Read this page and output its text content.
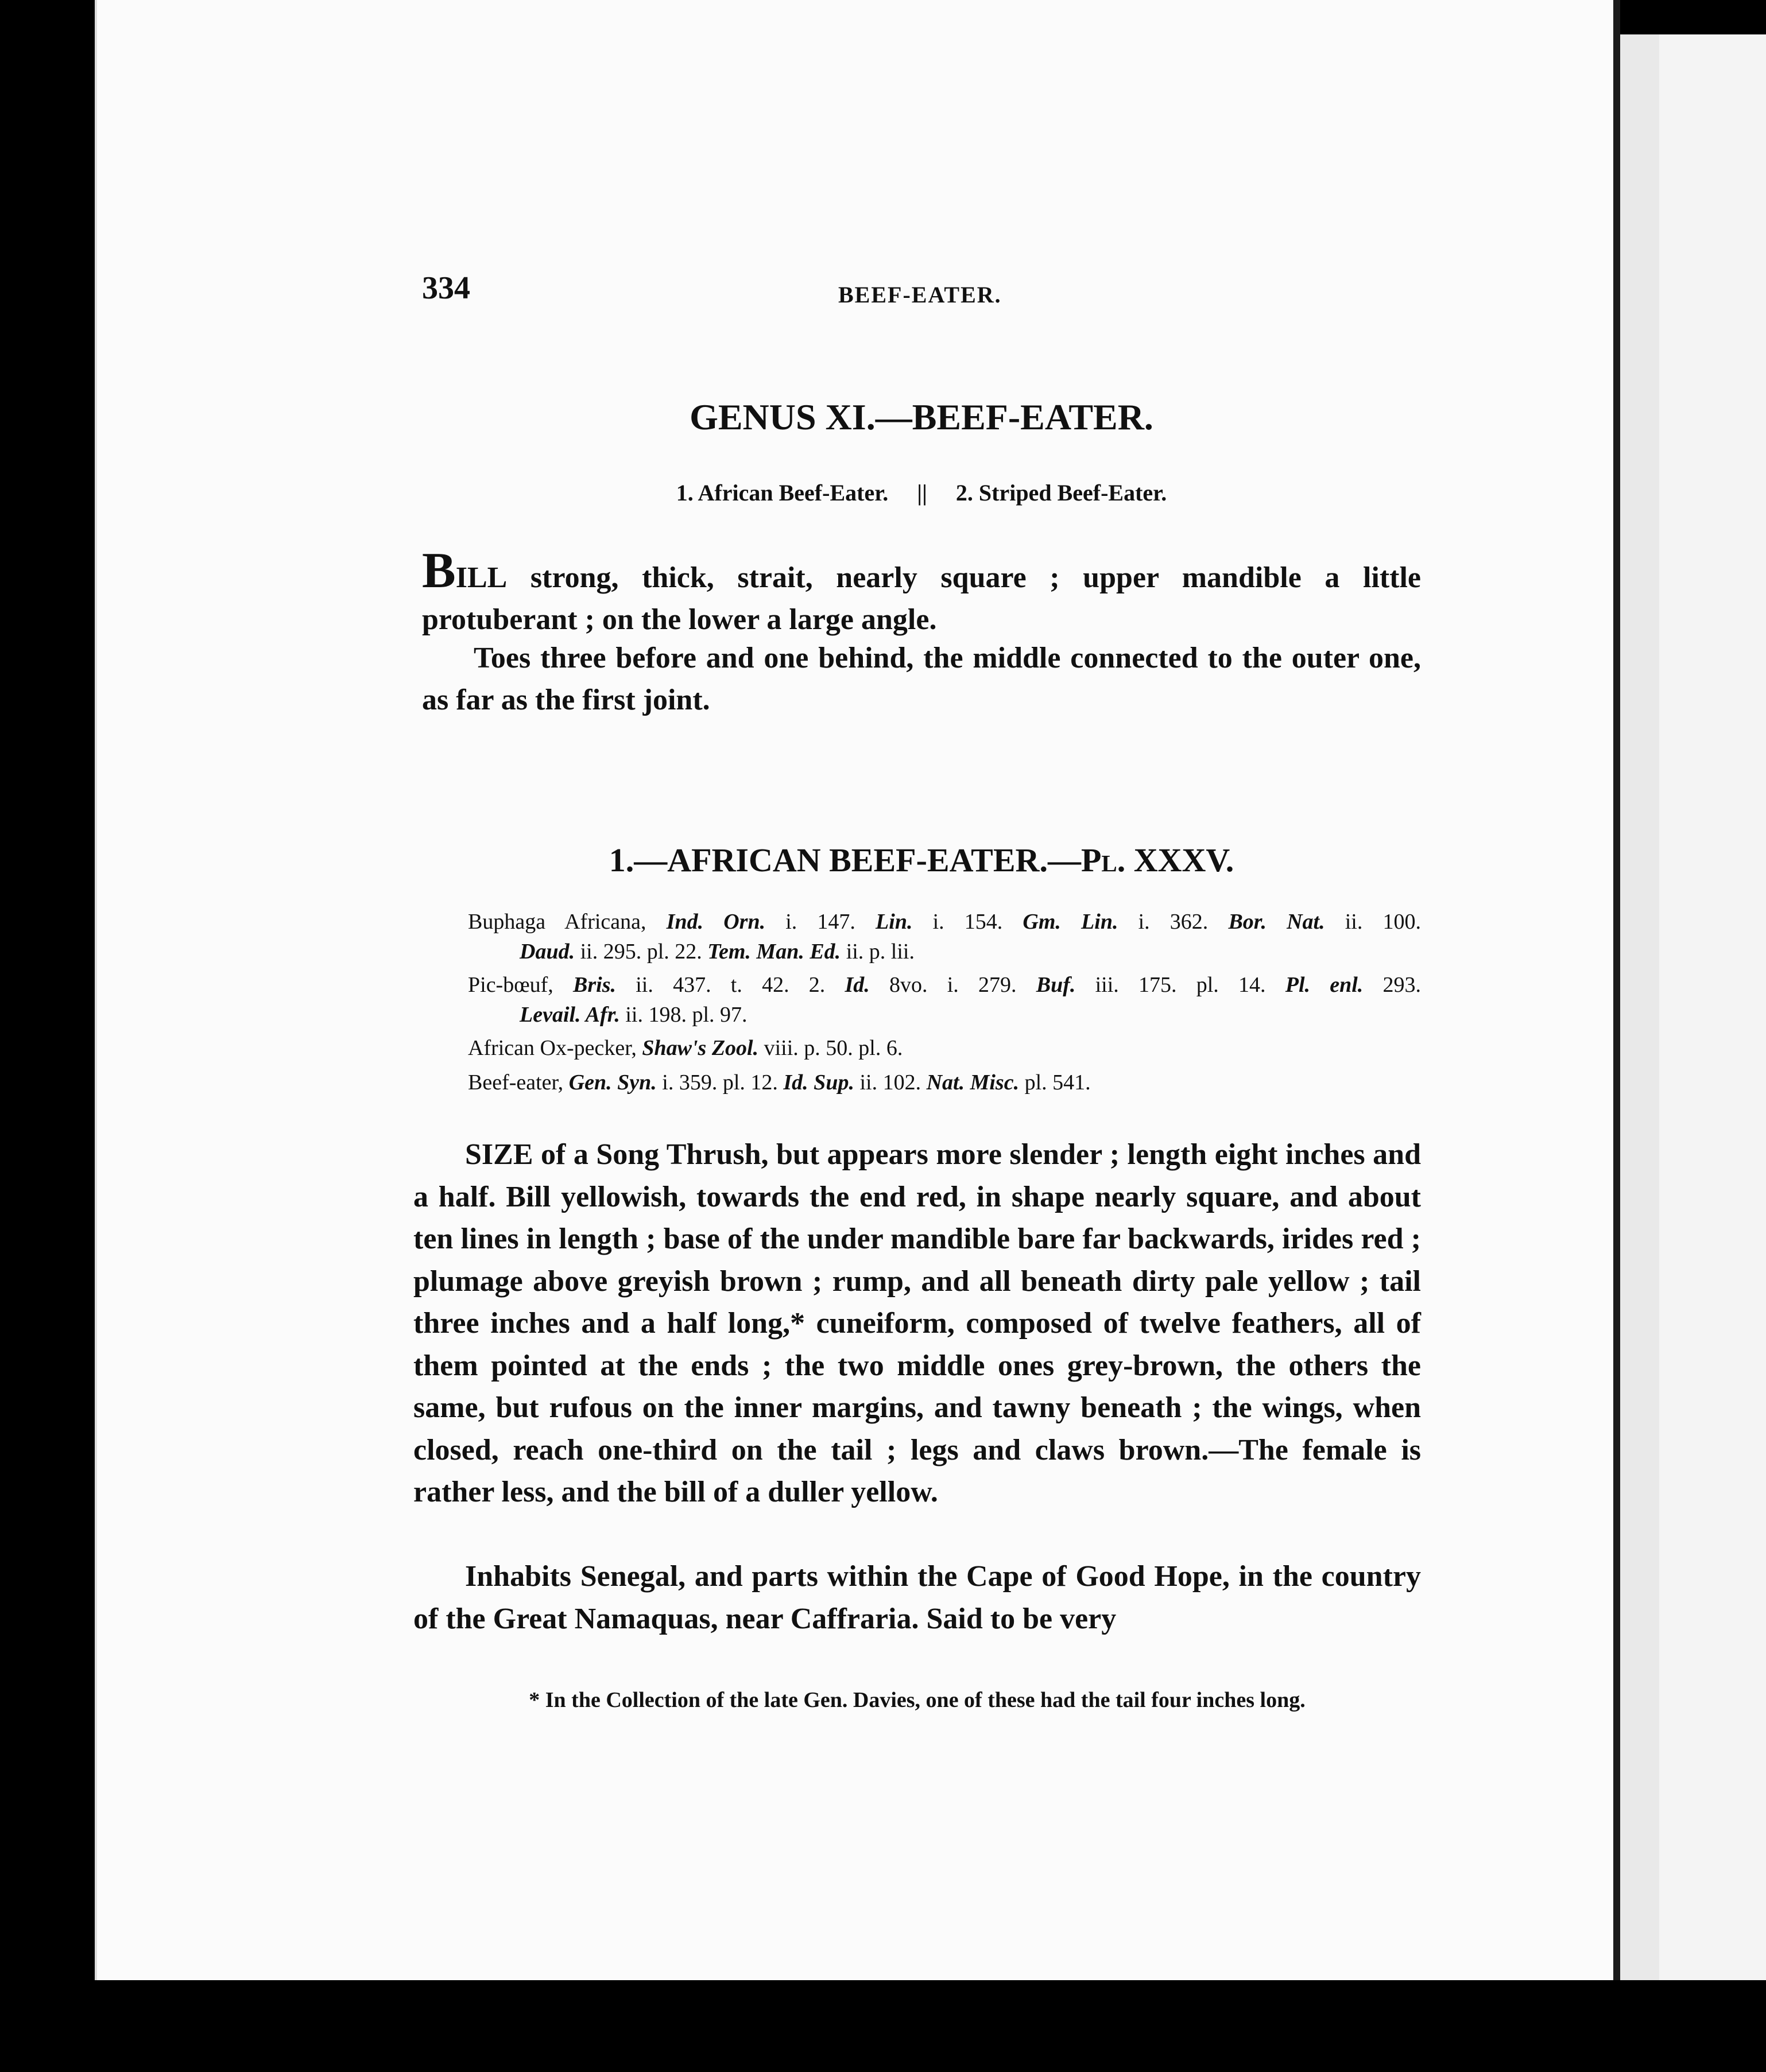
334	BEEF-EATER.
GENUS XI.—BEEF-EATER.
1. African Beef-Eater. || 2. Striped Beef-Eater.
BILL strong, thick, strait, nearly square ; upper mandible a little protuberant ; on the lower a large angle.
Toes three before and one behind, the middle connected to the outer one, as far as the first joint.
1.—AFRICAN BEEF-EATER.—Pl. XXXV.
Buphaga Africana, Ind. Orn. i. 147. Lin. i. 154. Gm. Lin. i. 362. Bor. Nat. ii. 100.
Daud. ii. 295. pl. 22. Tem. Man. Ed. ii. p. lii.
Pic-bœuf, Bris. ii. 437. t. 42. 2. Id. 8vo. i. 279. Buf. iii. 175. pl. 14. Pl. enl. 293.
Levail. Afr. ii. 198. pl. 97.
African Ox-pecker, Shaw's Zool. viii. p. 50. pl. 6.
Beef-eater, Gen. Syn. i. 359. pl. 12. Id. Sup. ii. 102. Nat. Misc. pl. 541.
SIZE of a Song Thrush, but appears more slender ; length eight inches and a half. Bill yellowish, towards the end red, in shape nearly square, and about ten lines in length ; base of the under mandible bare far backwards, irides red ; plumage above greyish brown ; rump, and all beneath dirty pale yellow ; tail three inches and a half long,* cuneiform, composed of twelve feathers, all of them pointed at the ends ; the two middle ones grey-brown, the others the same, but rufous on the inner margins, and tawny beneath ; the wings, when closed, reach one-third on the tail ; legs and claws brown.—The female is rather less, and the bill of a duller yellow.
Inhabits Senegal, and parts within the Cape of Good Hope, in the country of the Great Namaquas, near Caffraria. Said to be very
* In the Collection of the late Gen. Davies, one of these had the tail four inches long.
